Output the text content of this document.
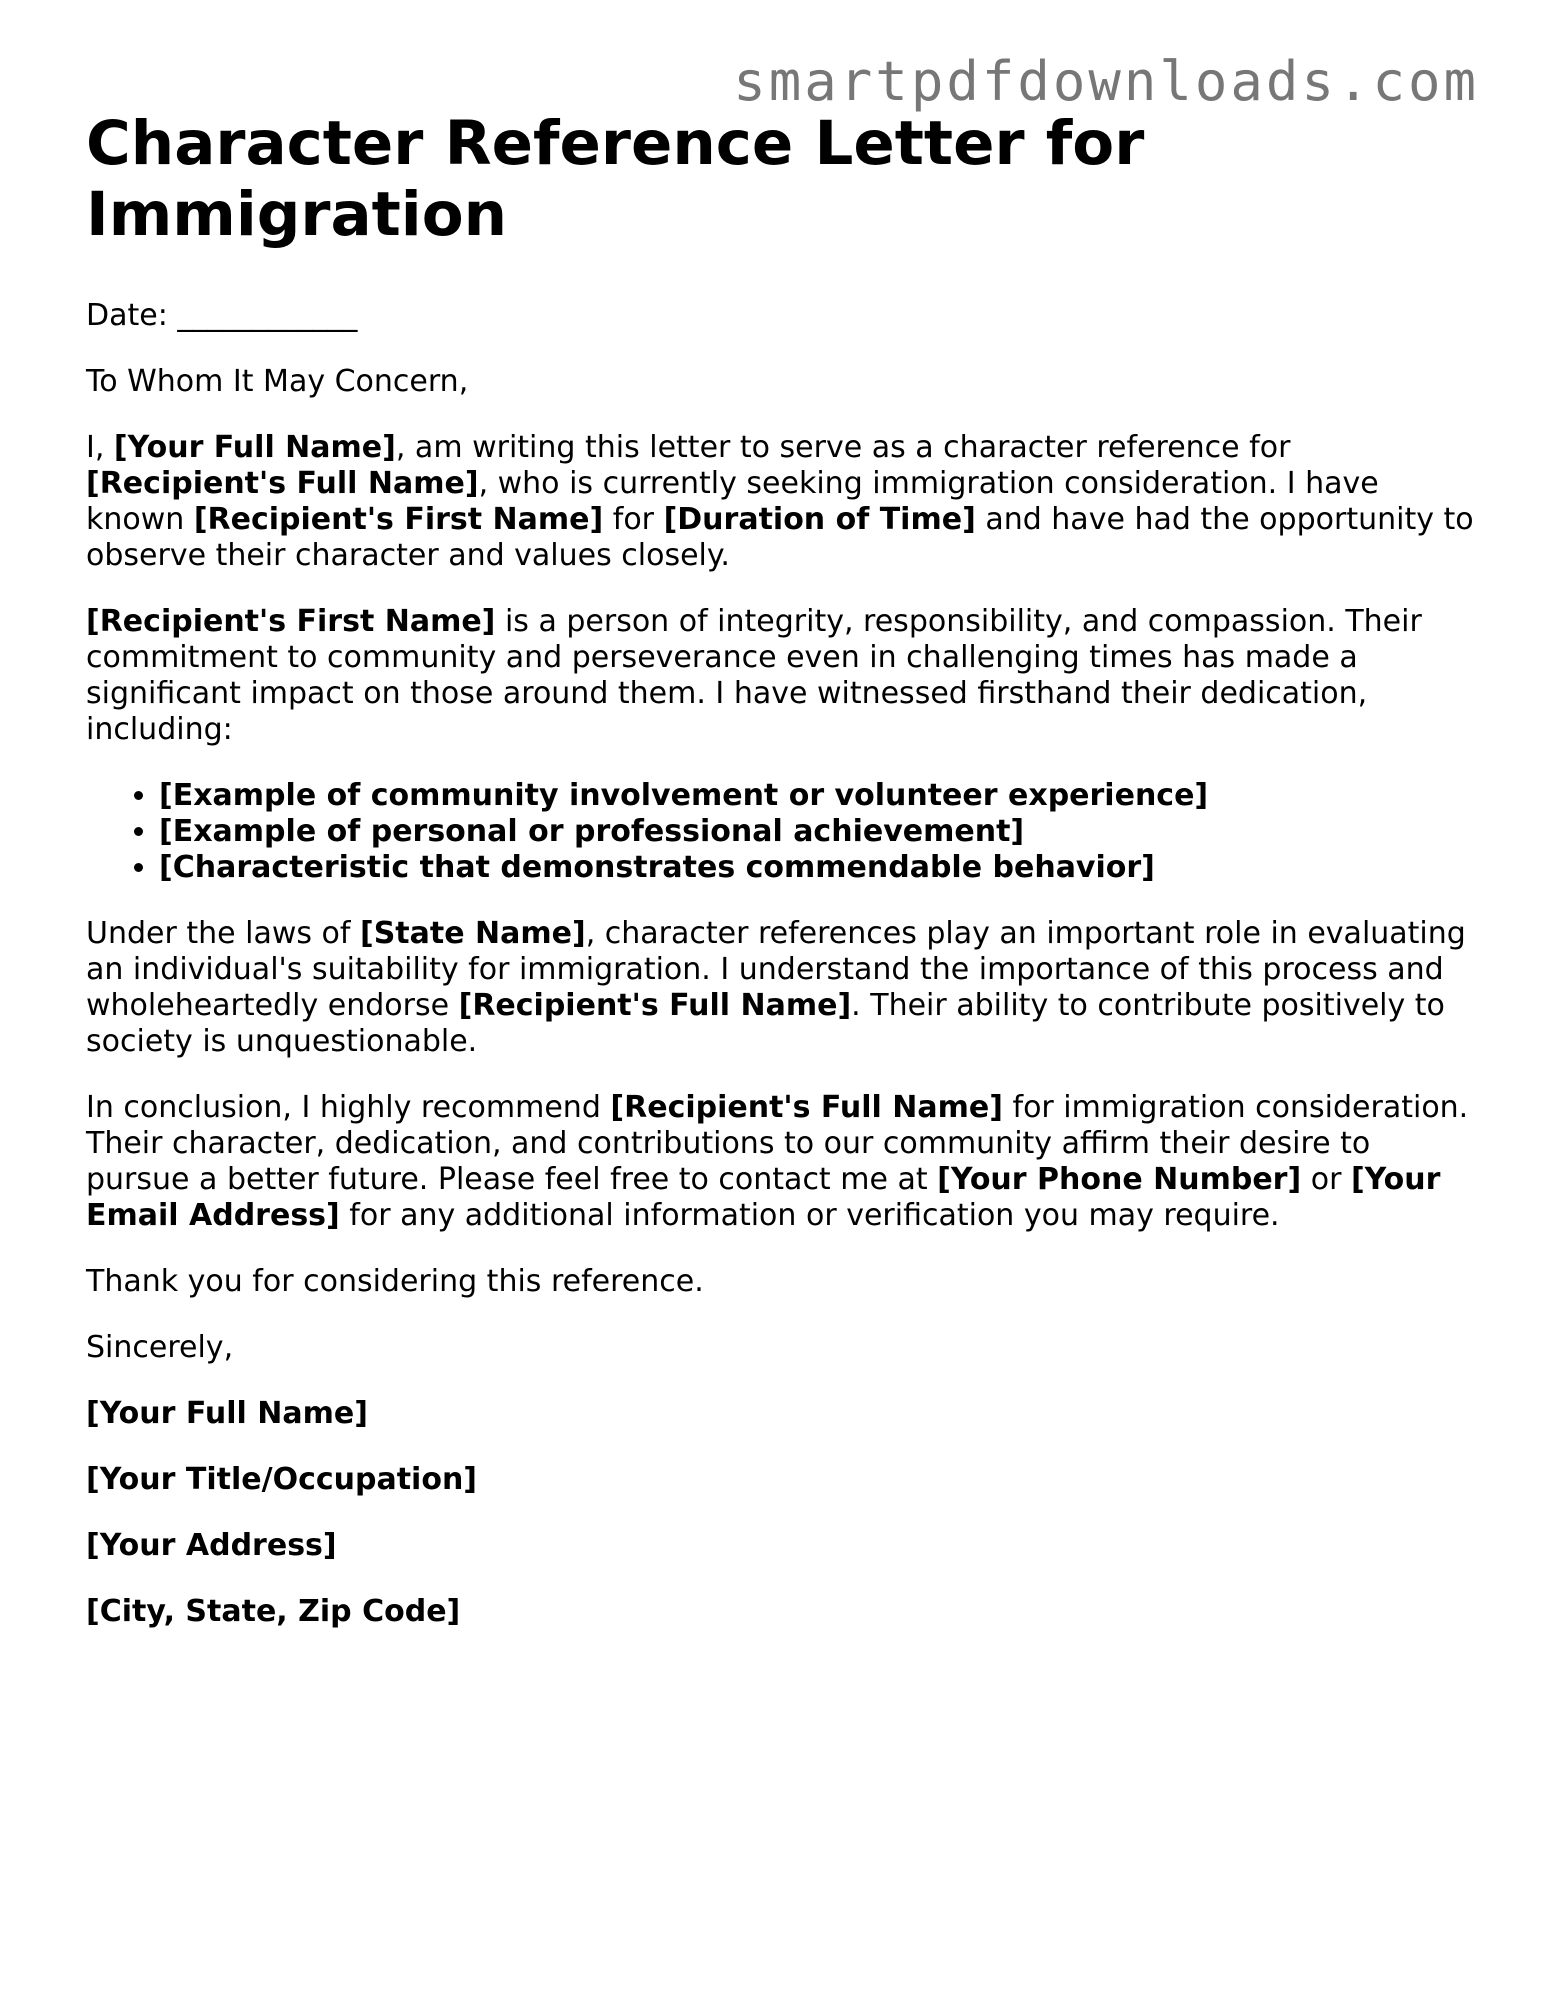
smartpdfdownloads.com
Character Reference Letter for Immigration

Date: ____________

To Whom It May Concern,

I, [Your Full Name], am writing this letter to serve as a character reference for [Recipient's Full Name], who is currently seeking immigration consideration. I have known [Recipient's First Name] for [Duration of Time] and have had the opportunity to observe their character and values closely.

[Recipient's First Name] is a person of integrity, responsibility, and compassion. Their commitment to community and perseverance even in challenging times has made a significant impact on those around them. I have witnessed firsthand their dedication, including:

• [Example of community involvement or volunteer experience]
• [Example of personal or professional achievement]
• [Characteristic that demonstrates commendable behavior]

Under the laws of [State Name], character references play an important role in evaluating an individual's suitability for immigration. I understand the importance of this process and wholeheartedly endorse [Recipient's Full Name]. Their ability to contribute positively to society is unquestionable.

In conclusion, I highly recommend [Recipient's Full Name] for immigration consideration. Their character, dedication, and contributions to our community affirm their desire to pursue a better future. Please feel free to contact me at [Your Phone Number] or [Your Email Address] for any additional information or verification you may require.

Thank you for considering this reference.

Sincerely,

[Your Full Name]

[Your Title/Occupation]

[Your Address]

[City, State, Zip Code]
